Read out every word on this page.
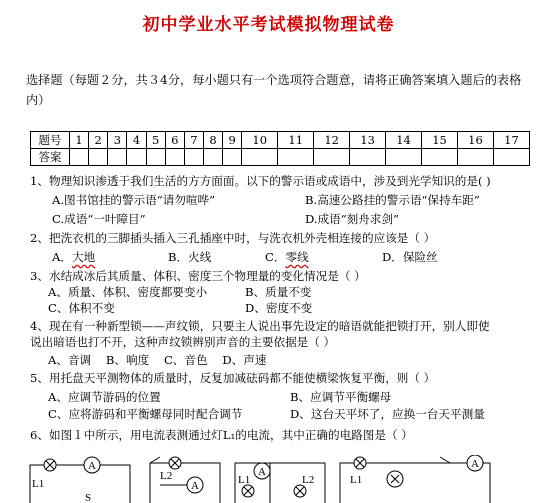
初中学业水平考试模拟物理试卷
选择题（每题２分，共３4分，每小题只有一个选项符合题意，请将正确答案填入题后的表格内）
题号	1	2	3	4	5	6	7	8	9	10	11	12	13	14	15	16	17
答案																	
1、物理知识渗透于我们生活的方方面面。以下的警示语或成语中，涉及到光学知识的是( )
A.图书馆挂的警示语“请勿喧哗”	B.高速公路挂的警示语“保持车距”
C.成语“一叶障目”	D.成语“刻舟求剑”
2、把洗衣机的三脚插头插入三孔插座中时，与洗衣机外壳相连接的应该是（ ）
A．大地	B．火线	C．零线	D．保险丝
3、水结成冰后其质量、体积、密度三个物理量的变化情况是（ ）
A、质量、体积、密度都要变小	B、质量不变
C、体积不变	D、密度不变
4、现在有一种新型锁——声纹锁，只要主人说出事先设定的暗语就能把锁打开，别人即使
说出暗语也打不开，这种声纹锁辨别声音的主要依据是（ ）
A、音调    B、响度    C、音色    D、声速
5、用托盘天平测物体的质量时，反复加减砝码都不能使横梁恢复平衡，则（ ）
A、应调节游码的位置	B、应调节平衡螺母
C、应将游码和平衡螺母同时配合调节	D、这台天平坏了，应换一台天平测量
6、如图１中所示，用电流表测通过灯L₁的电流，其中正确的电路图是（ ）
L1
A
S
L2
A
A
L1	L2	L1
A
